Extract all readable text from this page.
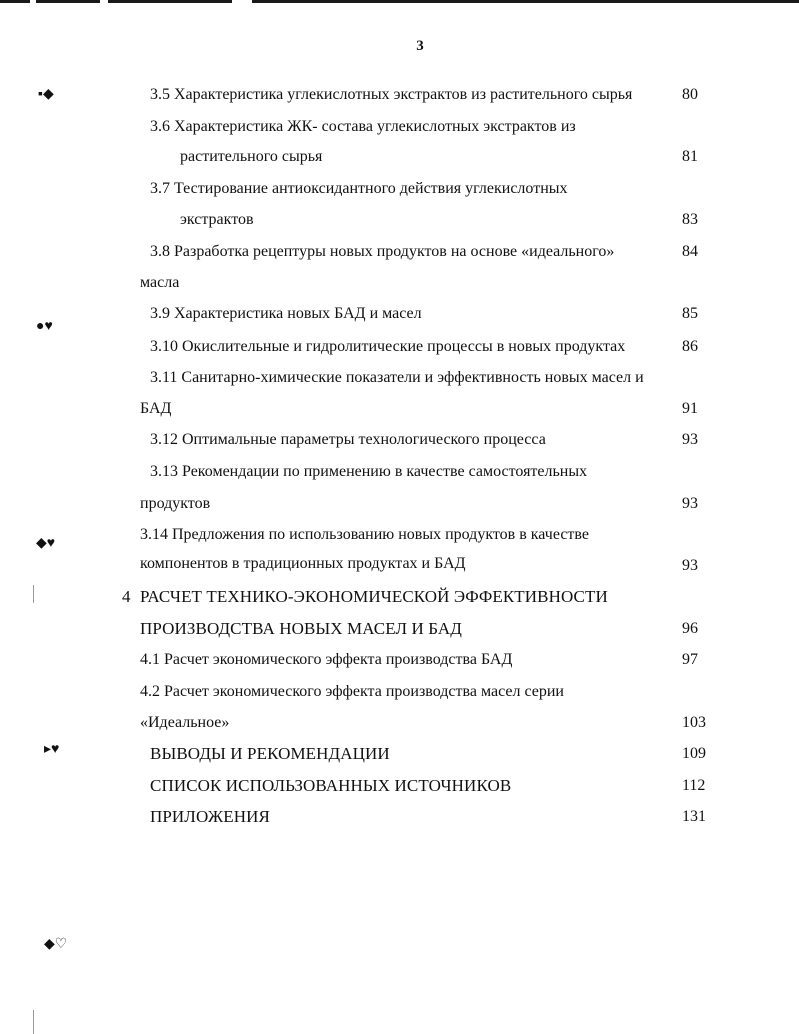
▪◆
●♥
◆♥
▸♥
◆♡
3
3.5 Характеристика углекислотных экстрактов из растительного сырья	80
3.6 Характеристика ЖК- состава углекислотных экстрактов из
растительного сырья	81
3.7 Тестирование антиоксидантного действия углекислотных
экстрактов	83
3.8 Разработка рецептуры новых продуктов на основе «идеального»	84
масла
3.9 Характеристика новых БАД и масел	85
3.10 Окислительные и гидролитические процессы в новых продуктах	86
3.11 Санитарно-химические показатели и эффективность новых масел и
БАД	91
3.12 Оптимальные параметры технологического процесса	93
3.13 Рекомендации по применению в качестве самостоятельных
продуктов	93
3.14 Предложения по использованию новых продуктов в качестве
компонентов в традиционных продуктах и БАД	93
4 РАСЧЕТ ТЕХНИКО-ЭКОНОМИЧЕСКОЙ ЭФФЕКТИВНОСТИ
ПРОИЗВОДСТВА НОВЫХ МАСЕЛ И БАД	96
4.1 Расчет экономического эффекта производства БАД	97
4.2 Расчет экономического эффекта производства масел серии
«Идеальное»	103
ВЫВОДЫ И РЕКОМЕНДАЦИИ	109
СПИСОК ИСПОЛЬЗОВАННЫХ ИСТОЧНИКОВ	112
ПРИЛОЖЕНИЯ	131
